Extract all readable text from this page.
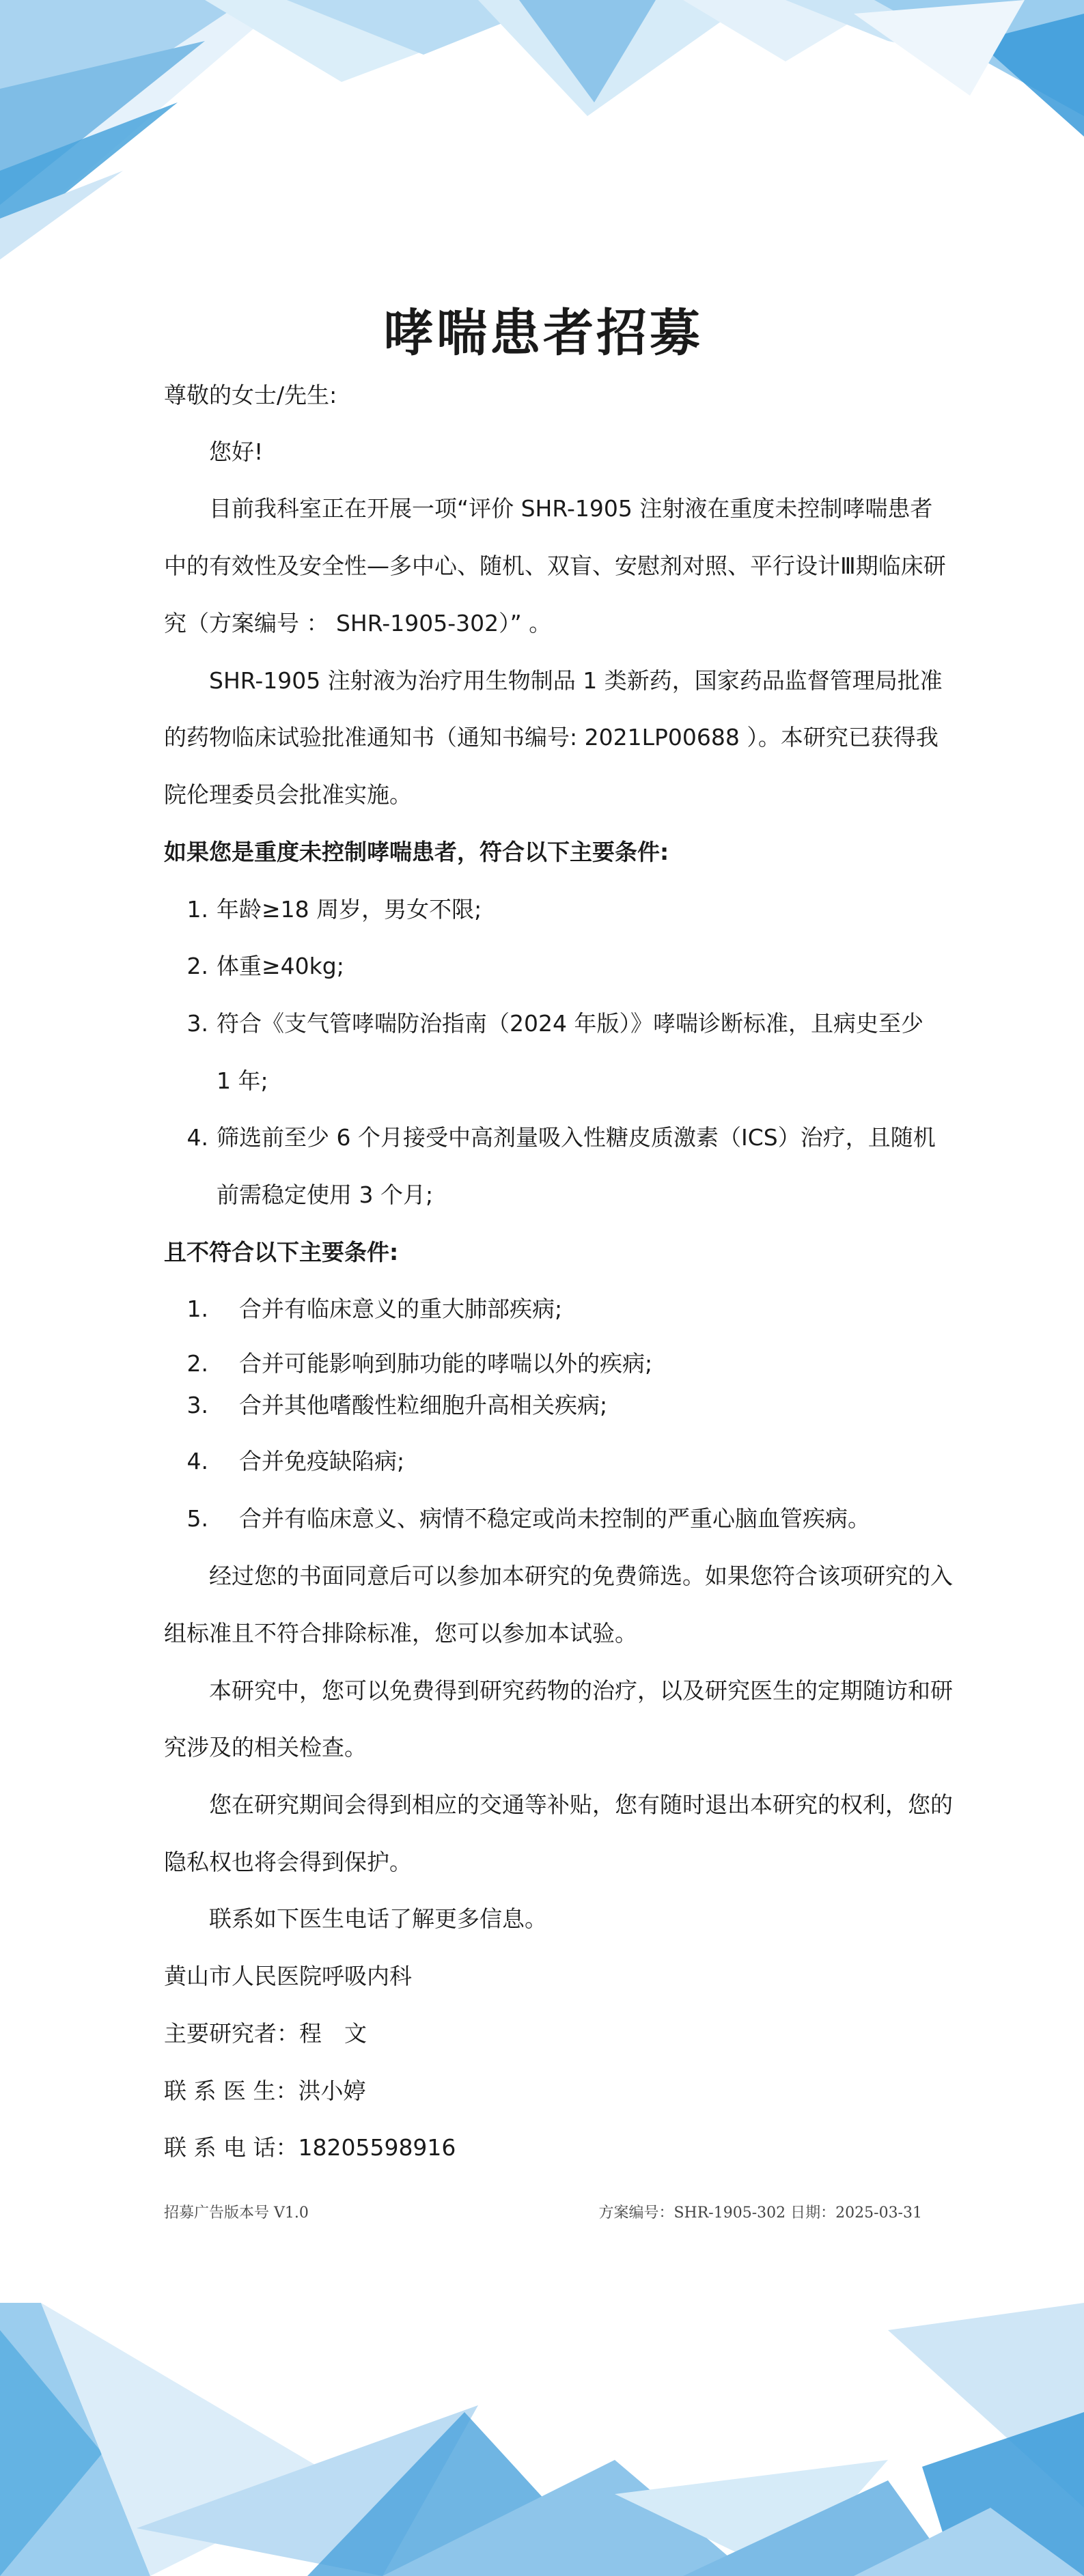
哮喘患者招募
尊敬的女士/先生:
您好!
目前我科室正在开展一项“评价 SHR-1905 注射液在重度未控制哮喘患者
中的有效性及安全性—多中心、随机、双盲、安慰剂对照、平行设计Ⅲ期临床研
究（方案编号 ： SHR-1905-302）” 。
SHR-1905 注射液为治疗用生物制品 1 类新药，国家药品监督管理局批准
的药物临床试验批准通知书（通知书编号: 2021LP00688 ）。本研究已获得我
院伦理委员会批准实施。
如果您是重度未控制哮喘患者，符合以下主要条件:
1. 年龄≥18 周岁，男女不限;
2. 体重≥40kg;
3. 符合《支气管哮喘防治指南（2024 年版）》哮喘诊断标准，且病史至少
1 年;
4. 筛选前至少 6 个月接受中高剂量吸入性糖皮质激素（ICS）治疗，且随机
前需稳定使用 3 个月;
且不符合以下主要条件:
1. 合并有临床意义的重大肺部疾病;
2. 合并可能影响到肺功能的哮喘以外的疾病;
3. 合并其他嗜酸性粒细胞升高相关疾病;
4. 合并免疫缺陷病;
5. 合并有临床意义、病情不稳定或尚未控制的严重心脑血管疾病。
经过您的书面同意后可以参加本研究的免费筛选。如果您符合该项研究的入
组标准且不符合排除标准，您可以参加本试验。
本研究中，您可以免费得到研究药物的治疗，以及研究医生的定期随访和研
究涉及的相关检查。
您在研究期间会得到相应的交通等补贴，您有随时退出本研究的权利，您的
隐私权也将会得到保护。
联系如下医生电话了解更多信息。
黄山市人民医院呼吸内科
主要研究者：程　文
联 系 医 生：洪小婷
联 系 电 话：18205598916
招募广告版本号 V1.0	方案编号：SHR-1905-302 日期：2025-03-31
